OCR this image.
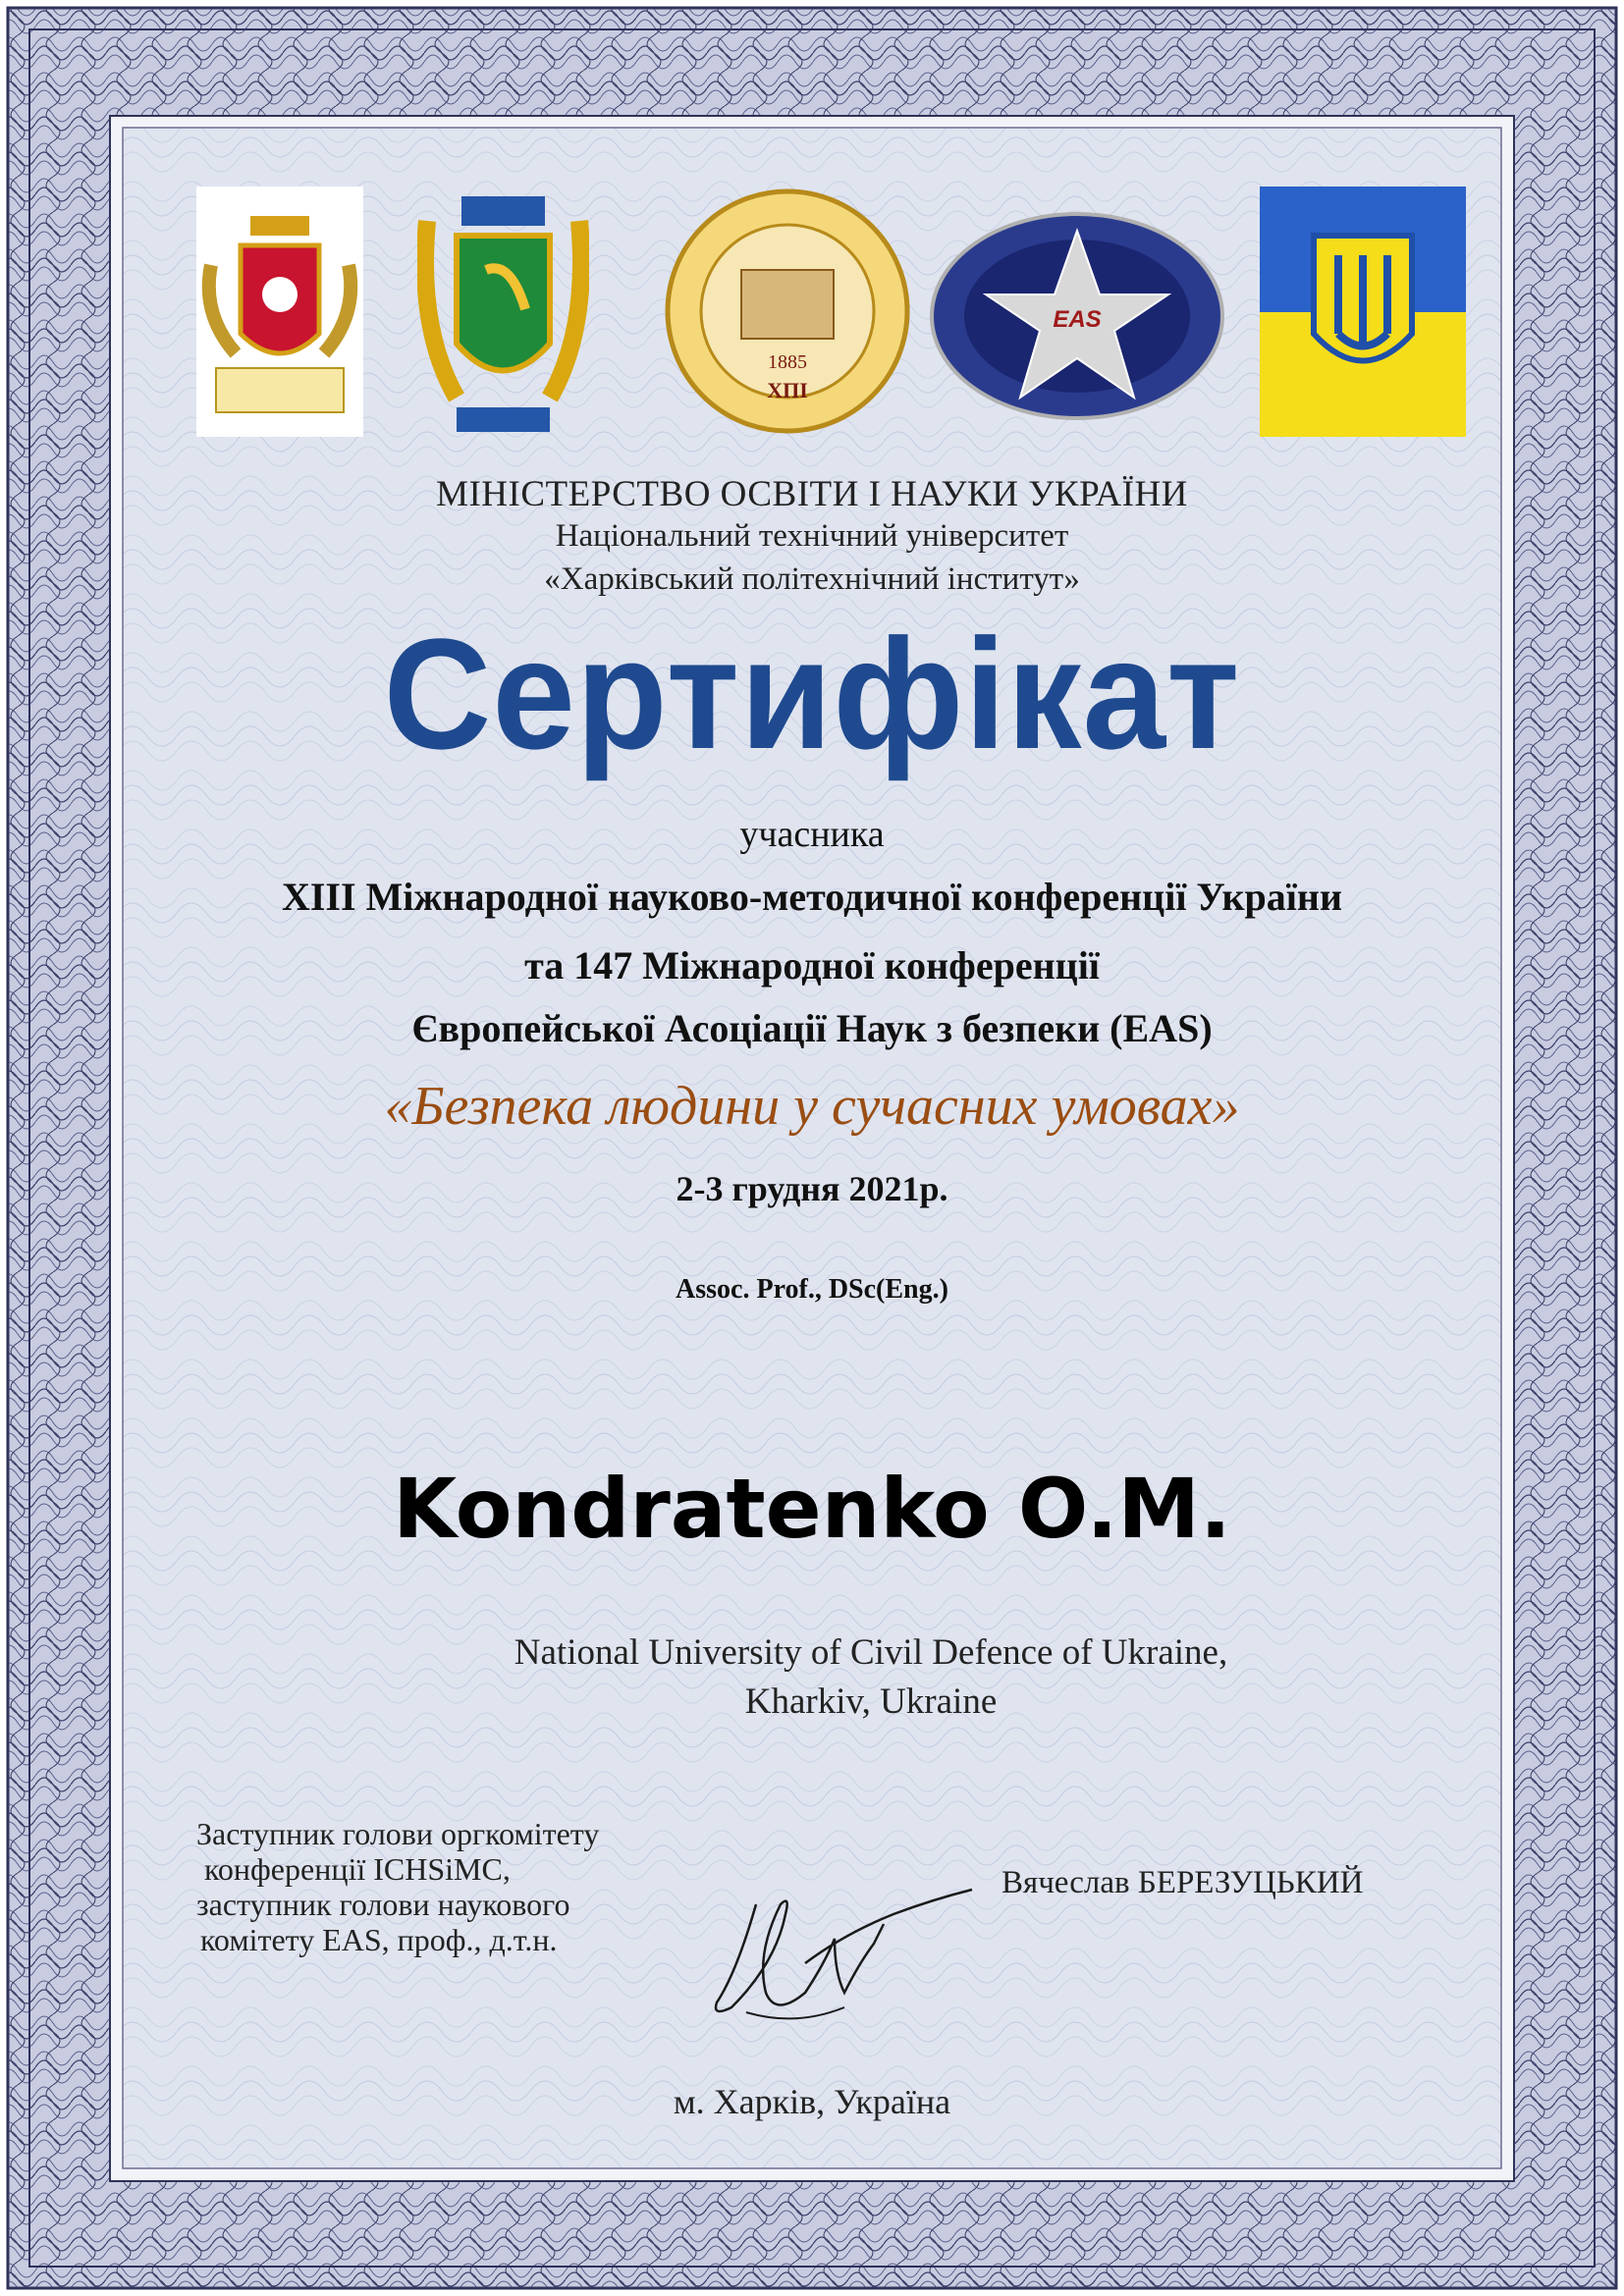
1885
ХПІ
EAS
МІНІСТЕРСТВО ОСВІТИ І НАУКИ УКРАЇНИ
Національний технічний університет
«Харківський політехнічний інститут»
Сертифікат
учасника
ХІІІ Міжнародної науково-методичної конференції України
та 147 Міжнародної конференції
Європейської Асоціації Наук з безпеки (EAS)
«Безпека людини у сучасних умовах»
2-3 грудня 2021р.
Assoc. Prof., DSc(Eng.)
Kondratenko O.M.
National University of Civil Defence of Ukraine,
Kharkiv, Ukraine
Заступник голови оргкомітету
конференції ICHSiMC,
заступник голови наукового
комітету EAS, проф., д.т.н.
Вячеслав БЕРЕЗУЦЬКИЙ
м. Харків, Україна
